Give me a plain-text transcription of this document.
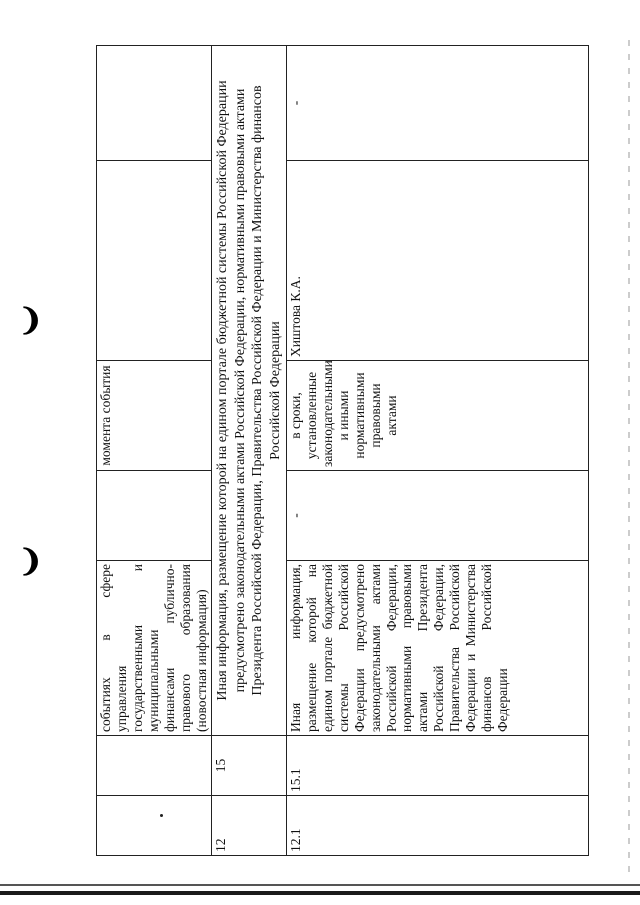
❩
❩
		событиях в сфере управления государственными и муниципальными финансами публично-правового образования (новостная информация)		момента события		
12	15	Иная информация, размещение которой на едином портале бюджетной системы Российской Федерации предусмотрено законодательными актами Российской Федерации, нормативными правовыми актами Президента Российской Федерации, Правительства Российской Федерации и Министерства финансов Российской Федерации				
12.1	15.1	Иная информация, размещение которой на едином портале бюджетной системы Российской Федерации предусмотрено законодательными актами Российской Федерации, нормативными правовыми актами Президента Российской Федерации, Правительства Российской Федерации и Министерства финансов Российской Федерации	-	в сроки, установленные законодательными и иными нормативными правовыми актами	Хиштова К.А.	-
